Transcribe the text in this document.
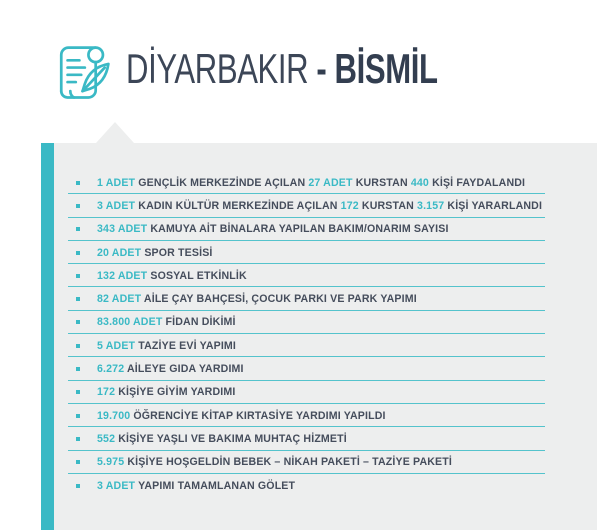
DİYARBAKIR - BİSMİL

1 ADET GENÇLİK MERKEZİNDE AÇILAN 27 ADET KURSTAN 440 KİŞİ FAYDALANDI

3 ADET KADIN KÜLTÜR MERKEZİNDE AÇILAN 172 KURSTAN 3.157 KİŞİ YARARLANDI

343 ADET KAMUYA AİT BİNALARA YAPILAN BAKIM/ONARIM SAYISI

20 ADET SPOR TESİSİ

132 ADET SOSYAL ETKİNLİK

82 ADET AİLE ÇAY BAHÇESİ, ÇOCUK PARKI VE PARK YAPIMI

83.800 ADET FİDAN DİKİMİ

5 ADET TAZİYE EVİ YAPIMI

6.272 AİLEYE GIDA YARDIMI

172 KİŞİYE GİYİM YARDIMI

19.700 ÖĞRENCİYE KİTAP KIRTASİYE YARDIMI YAPILDI

552 KİŞİYE YAŞLI VE BAKIMA MUHTAÇ HİZMETİ

5.975 KİŞİYE HOŞGELDİN BEBEK – NİKAH PAKETİ – TAZİYE PAKETİ

3 ADET YAPIMI TAMAMLANAN GÖLET
